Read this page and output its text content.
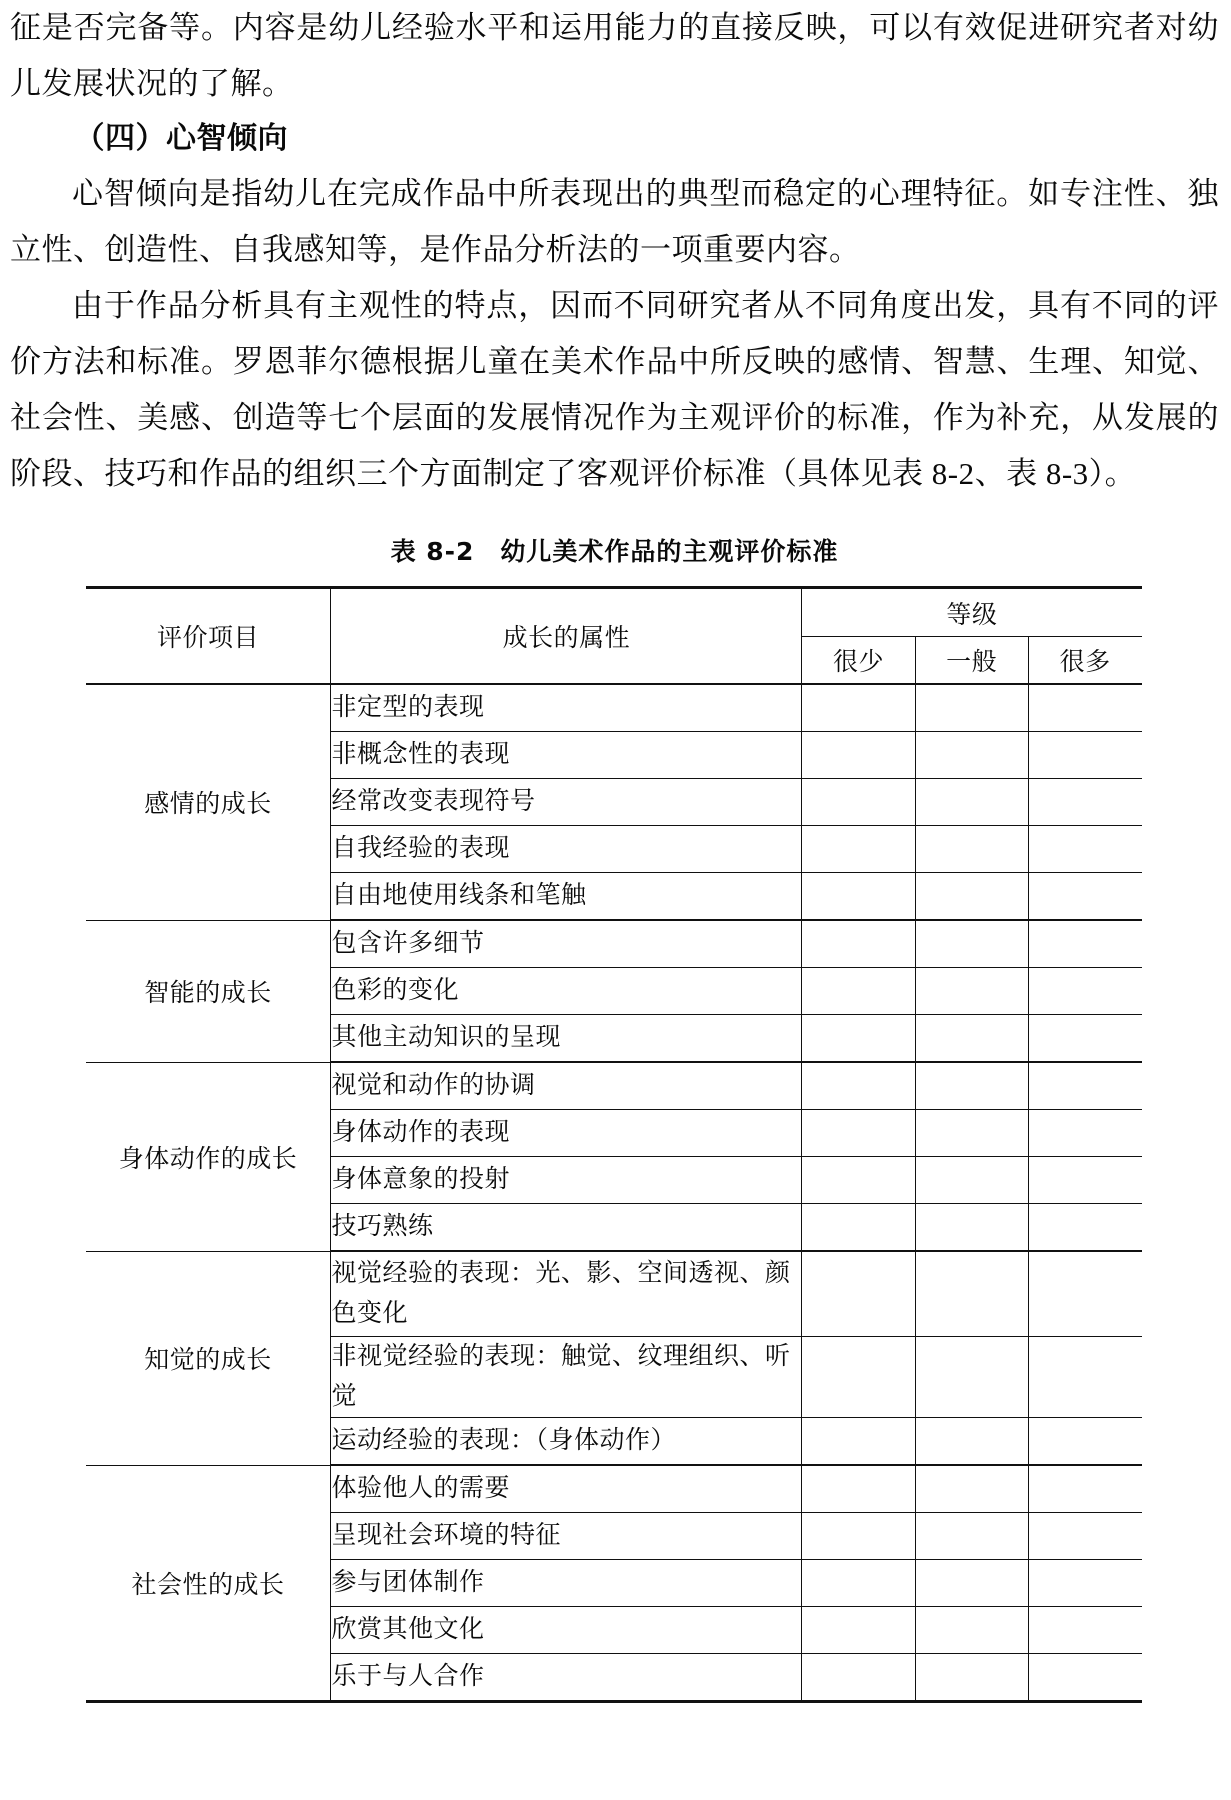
征是否完备等。内容是幼儿经验水平和运用能力的直接反映，可以有效促进研究者对幼儿发展状况的了解。

（四）心智倾向

心智倾向是指幼儿在完成作品中所表现出的典型而稳定的心理特征。如专注性、独立性、创造性、自我感知等，是作品分析法的一项重要内容。

由于作品分析具有主观性的特点，因而不同研究者从不同角度出发，具有不同的评价方法和标准。罗恩菲尔德根据儿童在美术作品中所反映的感情、智慧、生理、知觉、社会性、美感、创造等七个层面的发展情况作为主观评价的标准，作为补充，从发展的阶段、技巧和作品的组织三个方面制定了客观评价标准（具体见表 8-2、表 8-3）。

表 8-2　幼儿美术作品的主观评价标准
评价项目	成长的属性	等级		
		很少	一般	很多
感情的成长	非定型的表现			
	非概念性的表现			
	经常改变表现符号			
	自我经验的表现			
	自由地使用线条和笔触			
智能的成长	包含许多细节			
	色彩的变化			
	其他主动知识的呈现			
身体动作的成长	视觉和动作的协调			
	身体动作的表现			
	身体意象的投射			
	技巧熟练			
知觉的成长	视觉经验的表现：光、影、空间透视、颜色变化			
	非视觉经验的表现：触觉、纹理组织、听觉			
	运动经验的表现：（身体动作）			
社会性的成长	体验他人的需要			
	呈现社会环境的特征			
	参与团体制作			
	欣赏其他文化			
	乐于与人合作			
